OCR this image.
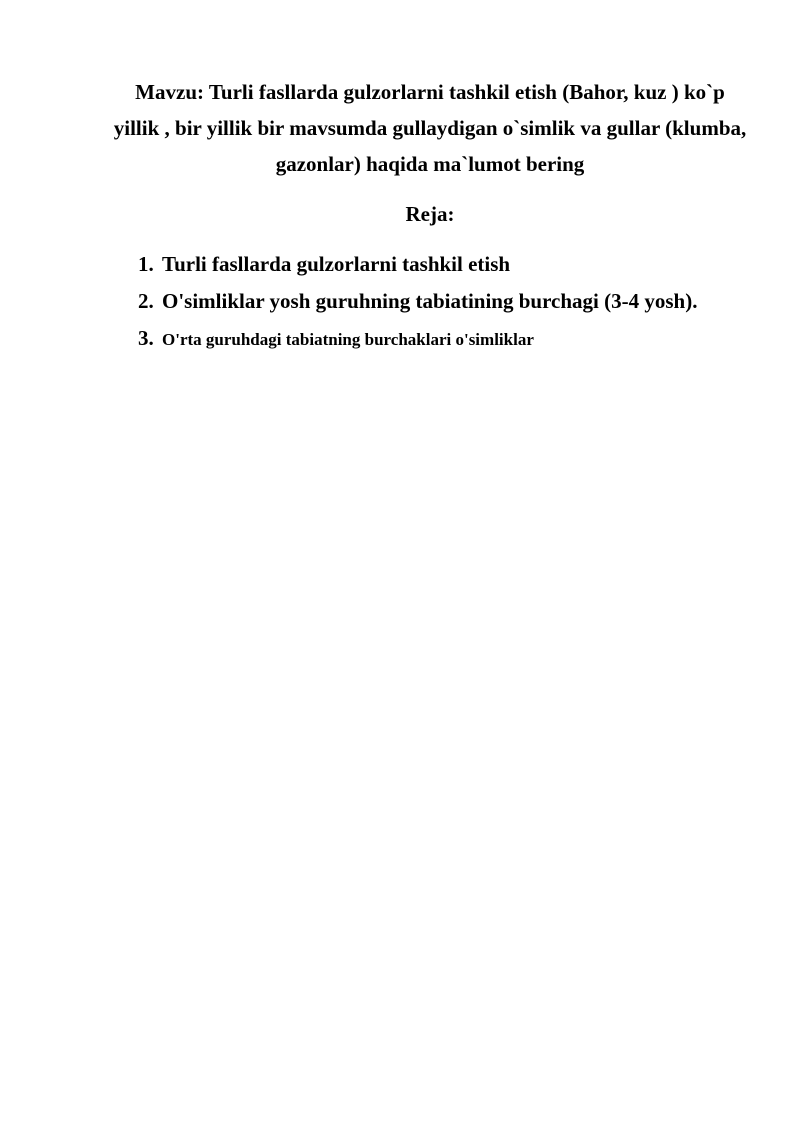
Mavzu: Turli fasllarda gulzorlarni tashkil etish (Bahor, kuz ) ko`p yillik , bir yillik bir mavsumda gullaydigan o`simlik va gullar (klumba, gazonlar) haqida ma`lumot bering

Reja:

1. Turli fasllarda gulzorlarni tashkil etish
2. O'simliklar yosh guruhning tabiatining burchagi (3-4 yosh).
3. O'rta guruhdagi tabiatning burchaklari o'simliklar
